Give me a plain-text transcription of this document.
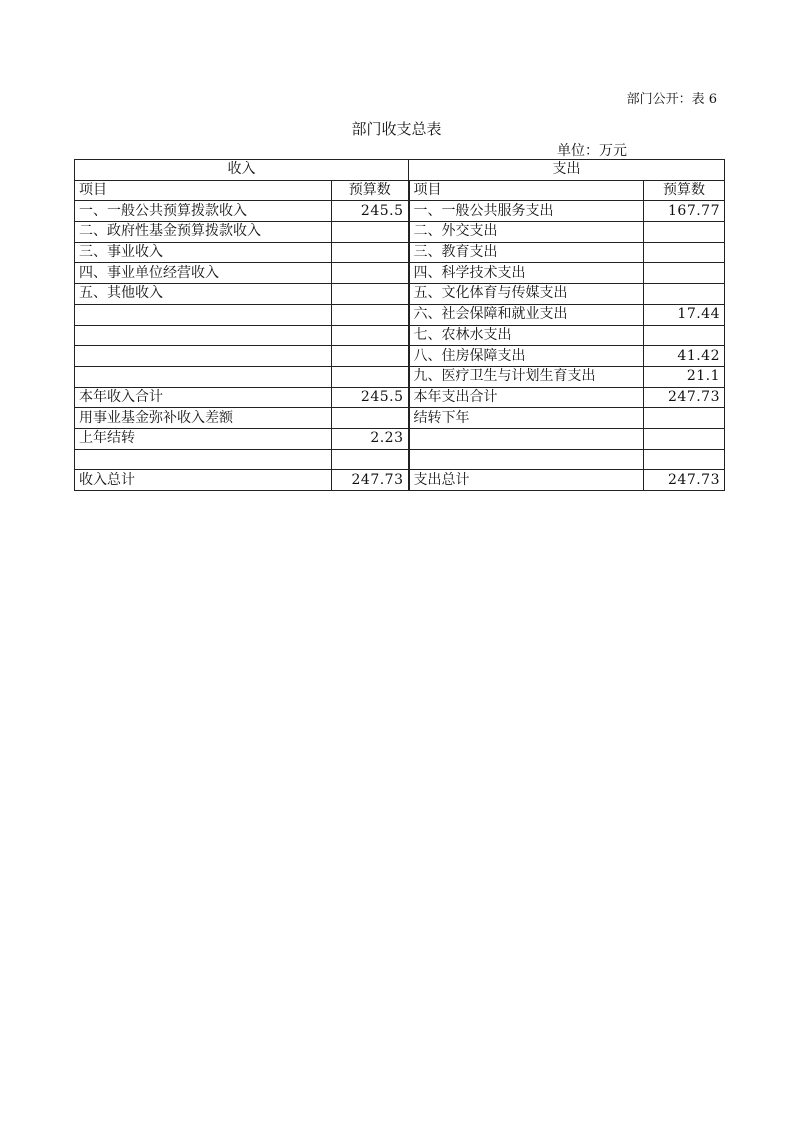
部门公开：表 6
部门收支总表
单位：万元
收入		支出	
项目	预算数	项目	预算数
一、一般公共预算拨款收入	245.5	一、一般公共服务支出	167.77
二、政府性基金预算拨款收入		二、外交支出	
三、事业收入		三、教育支出	
四、事业单位经营收入		四、科学技术支出	
五、其他收入		五、文化体育与传媒支出	
		六、社会保障和就业支出	17.44
		七、农林水支出	
		八、住房保障支出	41.42
		九、医疗卫生与计划生育支出	21.1
本年收入合计	245.5	本年支出合计	247.73
用事业基金弥补收入差额		结转下年	
上年结转	2.23		

收入总计	247.73	支出总计	247.73
